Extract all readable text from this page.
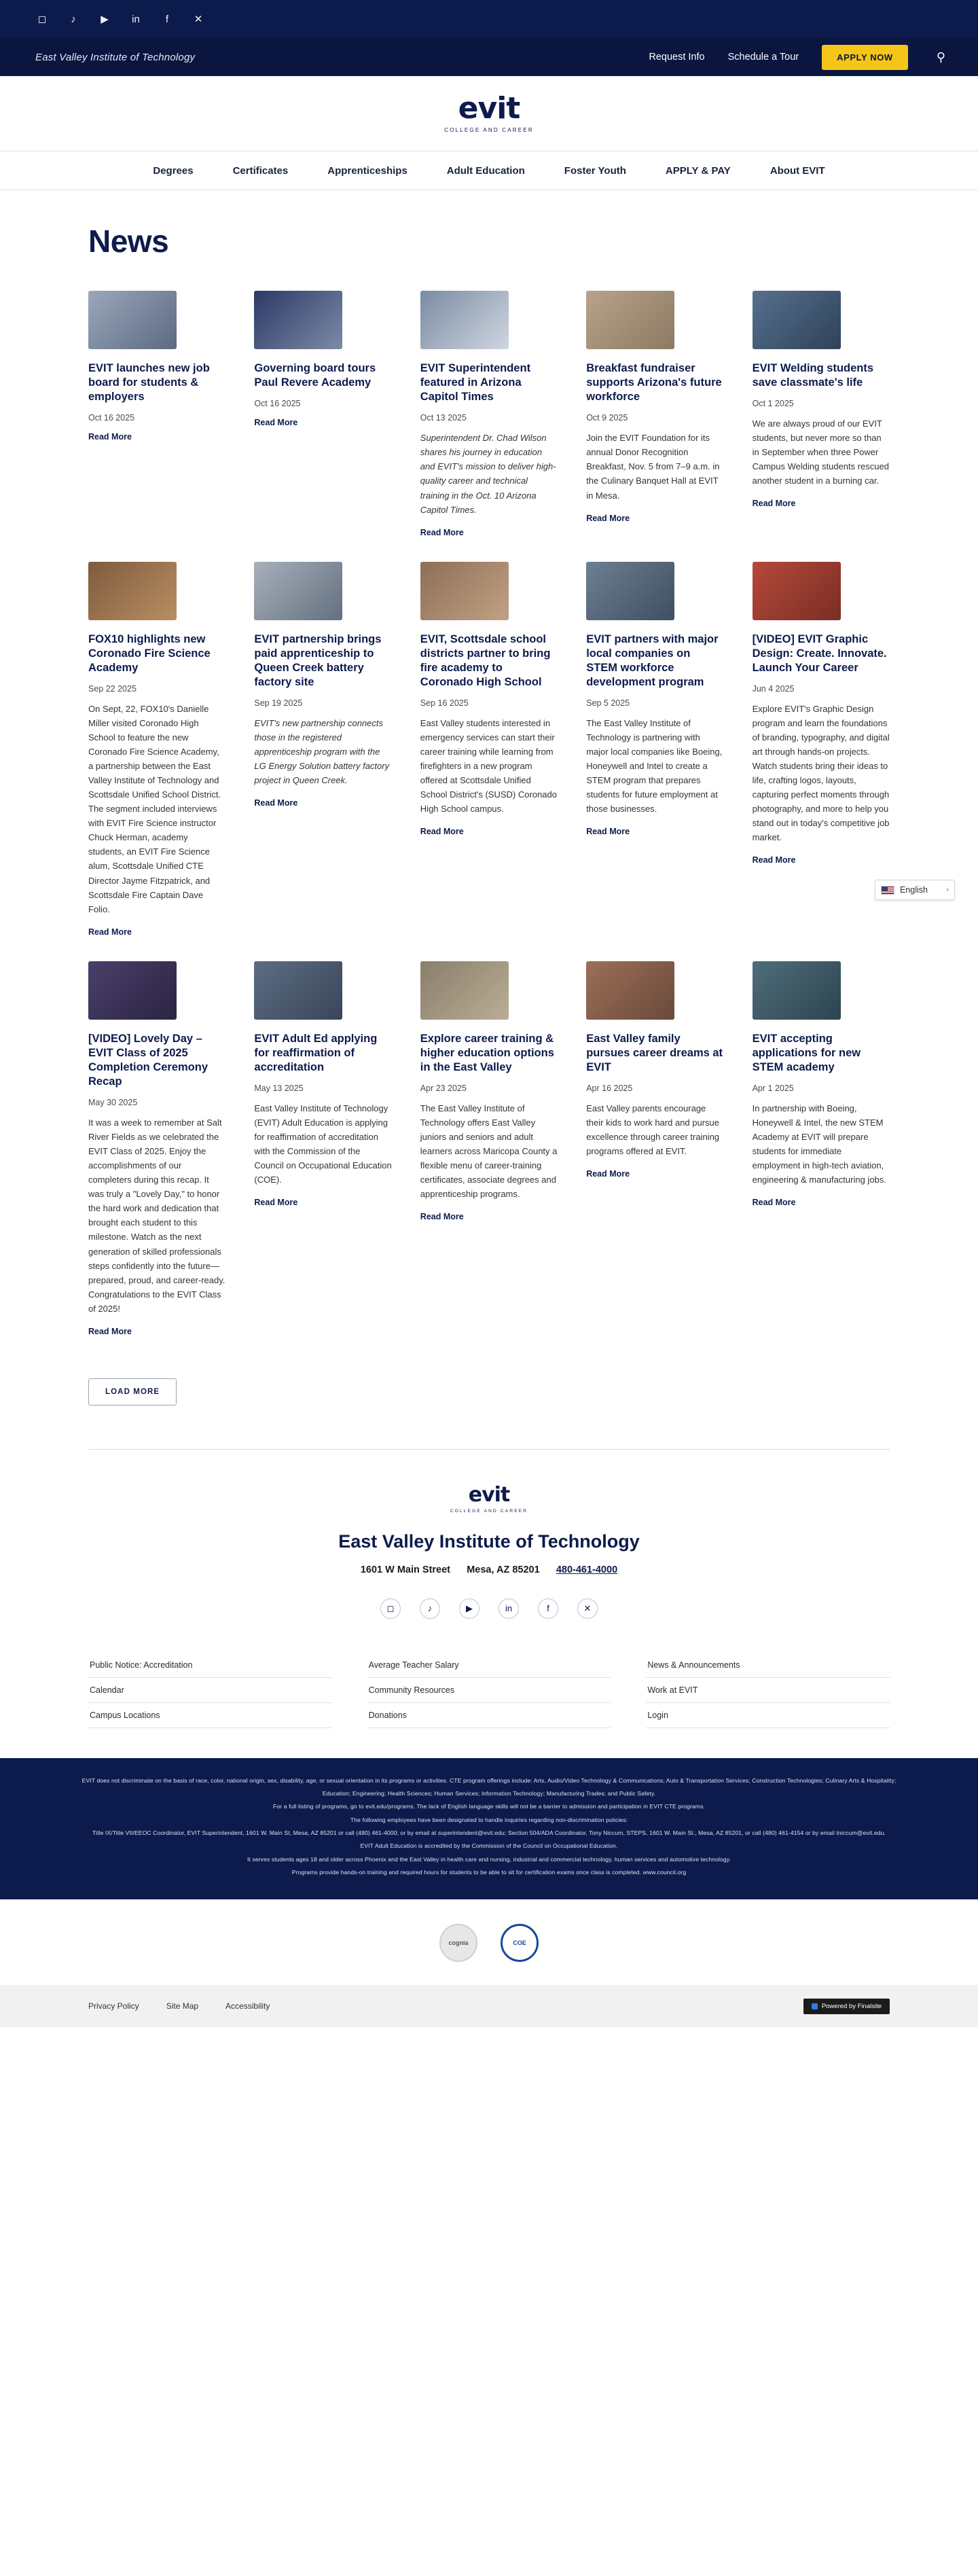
◻	♪	▶ in	f	✕
East Valley Institute of Technology	Request Info Schedule a Tour	APPLY NOW	⚲
evit
COLLEGE AND CAREER
Degrees	Certificates	Apprenticeships	Adult Education	Foster Youth	APPLY & PAY	About EVIT
News
English ›
EVIT launches new job board for students & employers
Oct 16 2025
Read More
Governing board tours Paul Revere Academy
Oct 16 2025
Read More
EVIT Superintendent featured in Arizona Capitol Times
Oct 13 2025
Superintendent Dr. Chad Wilson shares his journey in education and EVIT's mission to deliver high-quality career and technical training in the Oct. 10 Arizona Capitol Times.
Read More
Breakfast fundraiser supports Arizona's future workforce
Oct 9 2025
Join the EVIT Foundation for its annual Donor Recognition Breakfast, Nov. 5 from 7–9 a.m. in the Culinary Banquet Hall at EVIT in Mesa.
Read More
EVIT Welding students save classmate's life
Oct 1 2025
We are always proud of our EVIT students, but never more so than in September when three Power Campus Welding students rescued another student in a burning car.
Read More
FOX10 highlights new Coronado Fire Science Academy
Sep 22 2025
On Sept, 22, FOX10's Danielle Miller visited Coronado High School to feature the new Coronado Fire Science Academy, a partnership between the East Valley Institute of Technology and Scottsdale Unified School District. The segment included interviews with EVIT Fire Science instructor Chuck Herman, academy students, an EVIT Fire Science alum, Scottsdale Unified CTE Director Jayme Fitzpatrick, and Scottsdale Fire Captain Dave Folio.
Read More
EVIT partnership brings paid apprenticeship to Queen Creek battery factory site
Sep 19 2025
EVIT's new partnership connects those in the registered apprenticeship program with the LG Energy Solution battery factory project in Queen Creek.
Read More
EVIT, Scottsdale school districts partner to bring fire academy to Coronado High School
Sep 16 2025
East Valley students interested in emergency services can start their career training while learning from firefighters in a new program offered at Scottsdale Unified School District's (SUSD) Coronado High School campus.
Read More
EVIT partners with major local companies on STEM workforce development program
Sep 5 2025
The East Valley Institute of Technology is partnering with major local companies like Boeing, Honeywell and Intel to create a STEM program that prepares students for future employment at those businesses.
Read More
[VIDEO] EVIT Graphic Design: Create. Innovate. Launch Your Career
Jun 4 2025
Explore EVIT's Graphic Design program and learn the foundations of branding, typography, and digital art through hands-on projects. Watch students bring their ideas to life, crafting logos, layouts, capturing perfect moments through photography, and more to help you stand out in today's competitive job market.
Read More
[VIDEO] Lovely Day – EVIT Class of 2025 Completion Ceremony Recap
May 30 2025
It was a week to remember at Salt River Fields as we celebrated the EVIT Class of 2025. Enjoy the accomplishments of our completers during this recap. It was truly a "Lovely Day," to honor the hard work and dedication that brought each student to this milestone. Watch as the next generation of skilled professionals steps confidently into the future—prepared, proud, and career-ready. Congratulations to the EVIT Class of 2025!
Read More
EVIT Adult Ed applying for reaffirmation of accreditation
May 13 2025
East Valley Institute of Technology (EVIT) Adult Education is applying for reaffirmation of accreditation with the Commission of the Council on Occupational Education (COE).
Read More
Explore career training & higher education options in the East Valley
Apr 23 2025
The East Valley Institute of Technology offers East Valley juniors and seniors and adult learners across Maricopa County a flexible menu of career-training certificates, associate degrees and apprenticeship programs.
Read More
East Valley family pursues career dreams at EVIT
Apr 16 2025
East Valley parents encourage their kids to work hard and pursue excellence through career training programs offered at EVIT.
Read More
EVIT accepting applications for new STEM academy
Apr 1 2025
In partnership with Boeing, Honeywell & Intel, the new STEM Academy at EVIT will prepare students for immediate employment in high-tech aviation, engineering & manufacturing jobs.
Read More
LOAD MORE
evit
COLLEGE AND CAREER
East Valley Institute of Technology
1601 W Main Street Mesa, AZ 85201 480-461-4000
◻	♪	▶	in	f	✕
Public Notice: Accreditation
Calendar
Campus Locations
Average Teacher Salary
Community Resources
Donations
News & Announcements
Work at EVIT
Login

EVIT does not discriminate on the basis of race, color, national origin, sex, disability, age, or sexual orientation in its programs or activities. CTE program offerings include: Arts, Audio/Video Technology & Communications; Auto & Transportation Services; Construction Technologies; Culinary Arts & Hospitality;

Education; Engineering; Health Sciences; Human Services; Information Technology; Manufacturing Trades; and Public Safety.

For a full listing of programs, go to evit.edu/programs. The lack of English language skills will not be a barrier to admission and participation in EVIT CTE programs.

The following employees have been designated to handle inquiries regarding non-discrimination policies:

Title IX/Title VII/EEOC Coordinator, EVIT Superintendent, 1601 W. Main St, Mesa, AZ 85201 or call (480) 461-4000; or by email at superintendent@evit.edu; Section 504/ADA Coordinator, Tony Niccum, STEPS, 1601 W. Main St., Mesa, AZ 85201, or call (480) 461-4154 or by email tniccum@evit.edu.

EVIT Adult Education is accredited by the Commission of the Council on Occupational Education.

It serves students ages 18 and older across Phoenix and the East Valley in health care and nursing, industrial and commercial technology, human services and automotive technology.

Programs provide hands-on training and required hours for students to be able to sit for certification exams once class is completed. www.council.org

cognia	COE
Privacy Policy	Site Map	Accessibility	Powered by Finalsite
